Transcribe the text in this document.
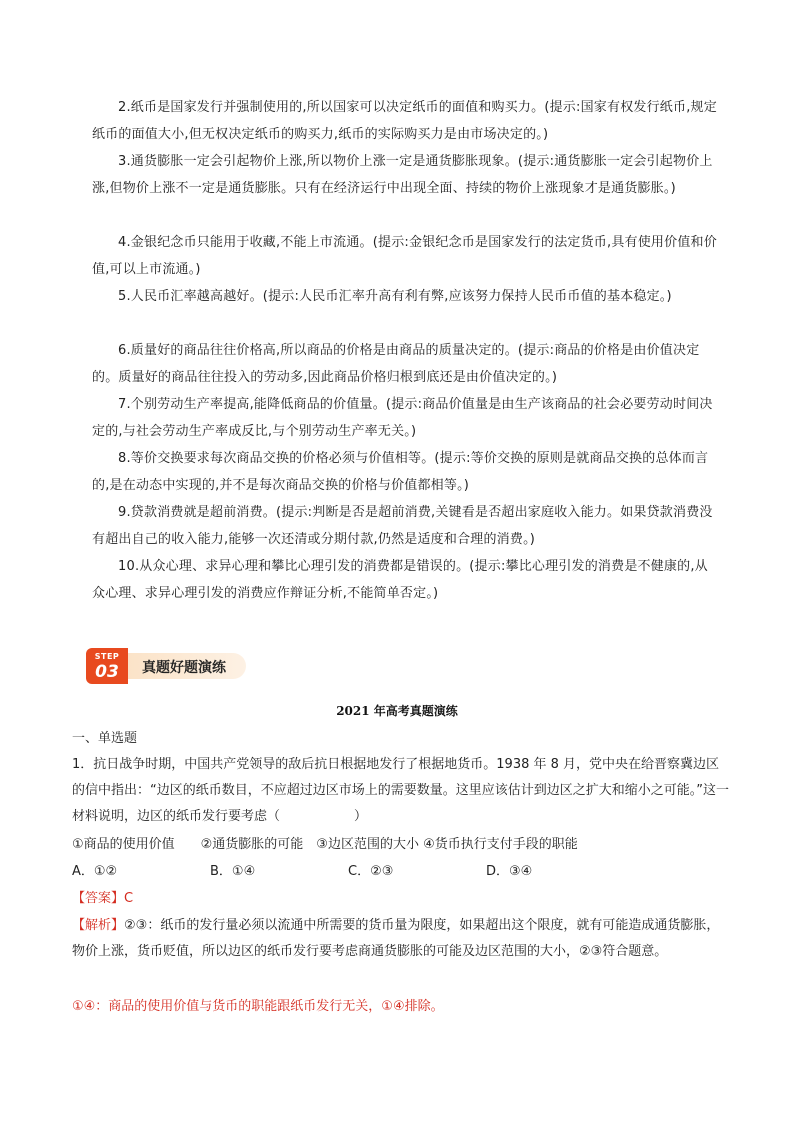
2.纸币是国家发行并强制使用的,所以国家可以决定纸币的面值和购买力。(提示:国家有权发行纸币,规定纸币的面值大小,但无权决定纸币的购买力,纸币的实际购买力是由市场决定的。)

3.通货膨胀一定会引起物价上涨,所以物价上涨一定是通货膨胀现象。(提示:通货膨胀一定会引起物价上涨,但物价上涨不一定是通货膨胀。只有在经济运行中出现全面、持续的物价上涨现象才是通货膨胀。)

4.金银纪念币只能用于收藏,不能上市流通。(提示:金银纪念币是国家发行的法定货币,具有使用价值和价值,可以上市流通。)

5.人民币汇率越高越好。(提示:人民币汇率升高有利有弊,应该努力保持人民币币值的基本稳定。)

6.质量好的商品往往价格高,所以商品的价格是由商品的质量决定的。(提示:商品的价格是由价值决定的。质量好的商品往往投入的劳动多,因此商品价格归根到底还是由价值决定的。)

7.个别劳动生产率提高,能降低商品的价值量。(提示:商品价值量是由生产该商品的社会必要劳动时间决定的,与社会劳动生产率成反比,与个别劳动生产率无关。)

8.等价交换要求每次商品交换的价格必须与价值相等。(提示:等价交换的原则是就商品交换的总体而言的,是在动态中实现的,并不是每次商品交换的价格与价值都相等。)

9.贷款消费就是超前消费。(提示:判断是否是超前消费,关键看是否超出家庭收入能力。如果贷款消费没有超出自己的收入能力,能够一次还清或分期付款,仍然是适度和合理的消费。)

10.从众心理、求异心理和攀比心理引发的消费都是错误的。(提示:攀比心理引发的消费是不健康的,从众心理、求异心理引发的消费应作辩证分析,不能简单否定。)

STEP
03	真题好题演练
2021 年高考真题演练

一、单选题

1．抗日战争时期，中国共产党领导的敌后抗日根据地发行了根据地货币。1938 年 8 月，党中央在给晋察冀边区的信中指出：“边区的纸币数目，不应超过边区市场上的需要数量。这里应该估计到边区之扩大和缩小之可能。”这一材料说明，边区的纸币发行要考虑（	）

①商品的使用价值　　②通货膨胀的可能　③边区范围的大小 ④货币执行支付手段的职能

A．①②	B．①④	C．②③	D．③④

【答案】C

【解析】②③：纸币的发行量必须以流通中所需要的货币量为限度，如果超出这个限度，就有可能造成通货膨胀，物价上涨，货币贬值，所以边区的纸币发行要考虑商通货膨胀的可能及边区范围的大小，②③符合题意。

①④：商品的使用价值与货币的职能跟纸币发行无关，①④排除。
